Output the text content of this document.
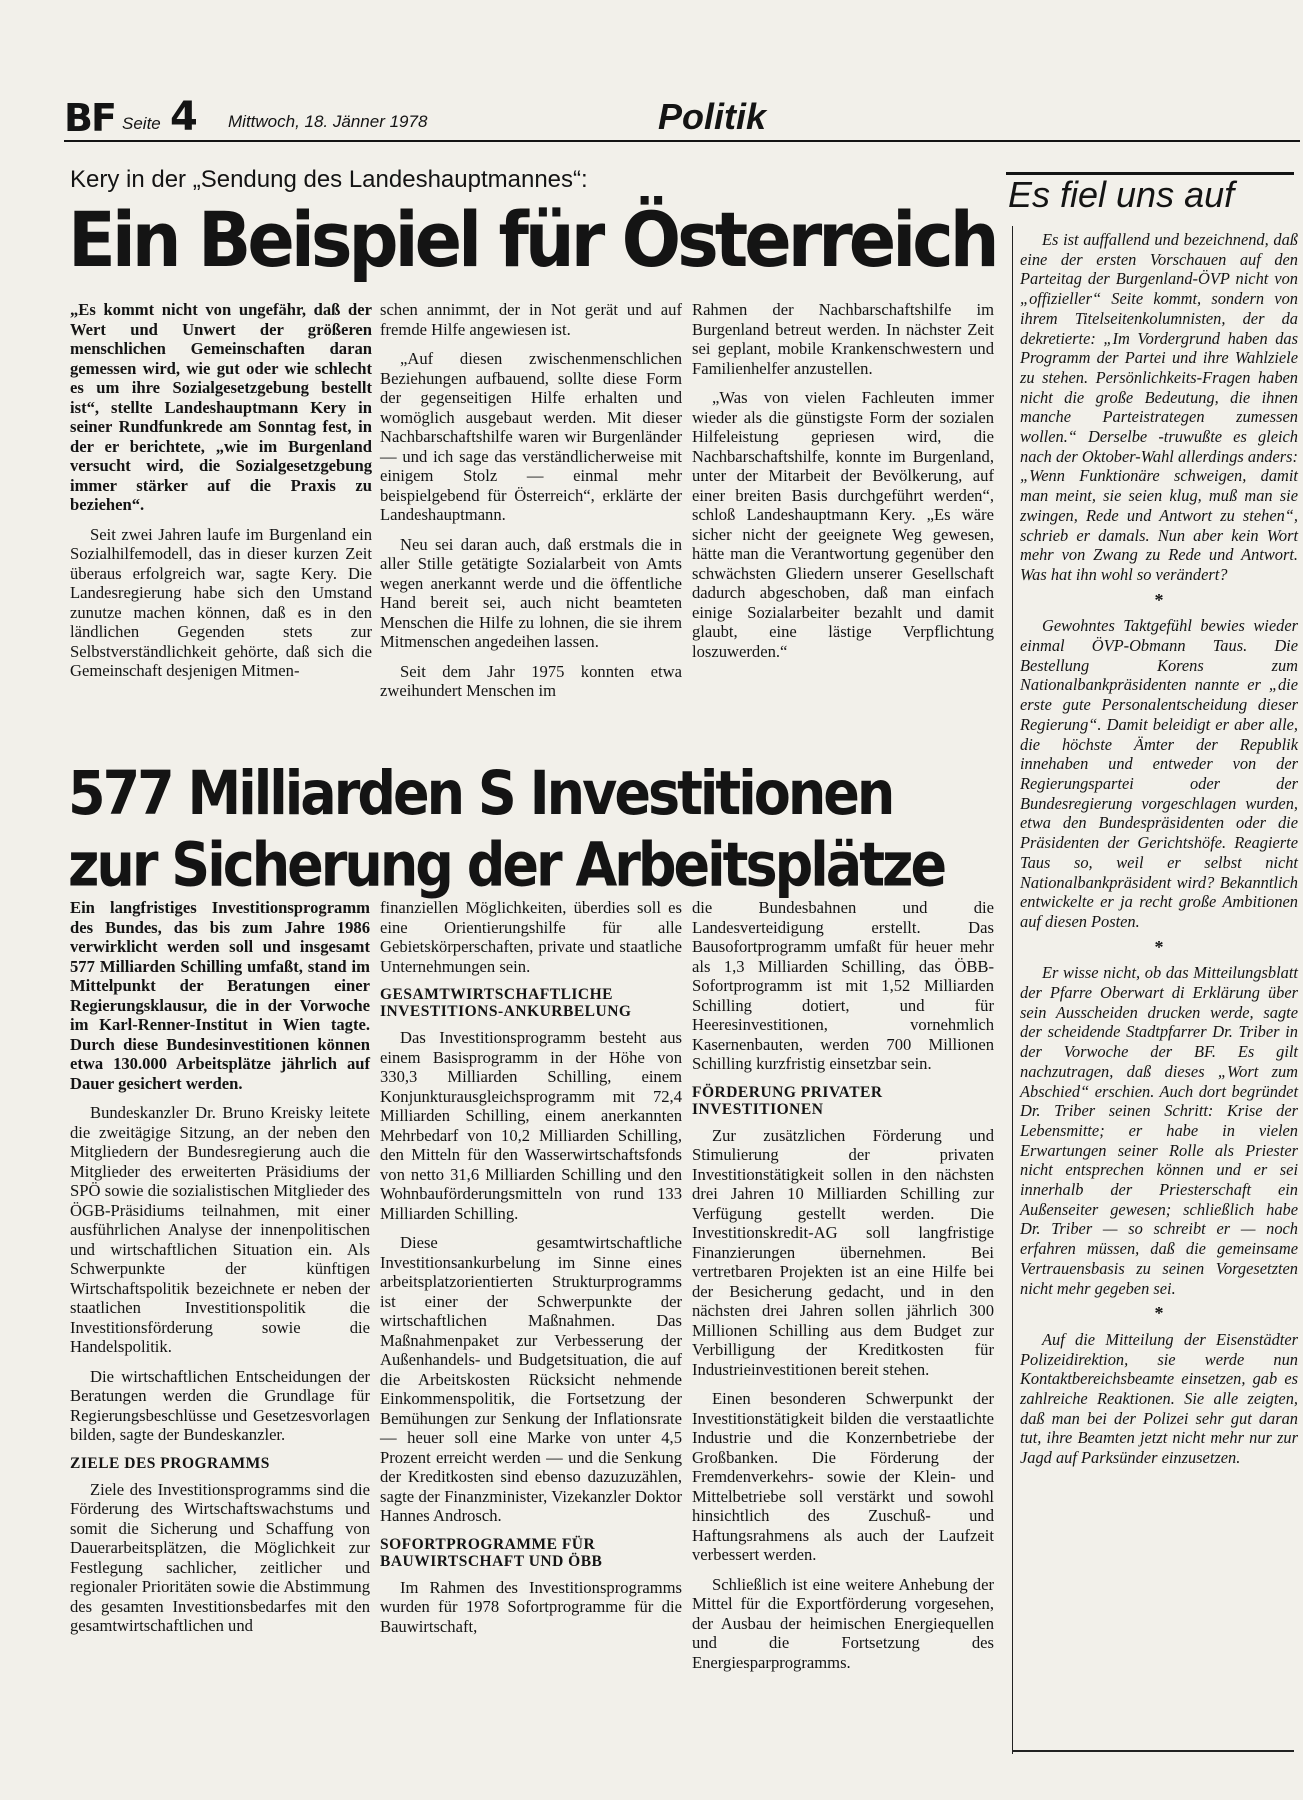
BF Seite 4 Mittwoch, 18. Jänner 1978	Politik
Kery in der „Sendung des Landeshauptmannes“:
Ein Beispiel für Österreich

„Es kommt nicht von ungefähr, daß der Wert und Unwert der größeren menschlichen Gemeinschaften daran gemessen wird, wie gut oder wie schlecht es um ihre Sozialgesetzgebung bestellt ist“, stellte Landeshauptmann Kery in seiner Rundfunkrede am Sonntag fest, in der er berichtete, „wie im Burgenland versucht wird, die Sozialgesetzgebung immer stärker auf die Praxis zu beziehen“.

Seit zwei Jahren laufe im Burgenland ein Sozialhilfemodell, das in dieser kurzen Zeit überaus erfolgreich war, sagte Kery. Die Landesregierung habe sich den Umstand zunutze machen können, daß es in den ländlichen Gegenden stets zur Selbstverständlichkeit gehörte, daß sich die Gemeinschaft desjenigen Mitmen-

schen annimmt, der in Not gerät und auf fremde Hilfe angewiesen ist.

„Auf diesen zwischenmenschlichen Beziehungen aufbauend, sollte diese Form der gegenseitigen Hilfe erhalten und womöglich ausgebaut werden. Mit dieser Nachbarschaftshilfe waren wir Burgenländer — und ich sage das verständlicherweise mit einigem Stolz — einmal mehr beispielgebend für Österreich“, erklärte der Landeshauptmann.

Neu sei daran auch, daß erstmals die in aller Stille getätigte Sozialarbeit von Amts wegen anerkannt werde und die öffentliche Hand bereit sei, auch nicht beamteten Menschen die Hilfe zu lohnen, die sie ihrem Mitmenschen angedeihen lassen.

Seit dem Jahr 1975 konnten etwa zweihundert Menschen im

Rahmen der Nachbarschaftshilfe im Burgenland betreut werden. In nächster Zeit sei geplant, mobile Krankenschwestern und Familienhelfer anzustellen.

„Was von vielen Fachleuten immer wieder als die günstigste Form der sozialen Hilfeleistung gepriesen wird, die Nachbarschaftshilfe, konnte im Burgenland, unter der Mitarbeit der Bevölkerung, auf einer breiten Basis durchgeführt werden“, schloß Landeshauptmann Kery. „Es wäre sicher nicht der geeignete Weg gewesen, hätte man die Verantwortung gegenüber den schwächsten Gliedern unserer Gesellschaft dadurch abgeschoben, daß man einfach einige Sozialarbeiter bezahlt und damit glaubt, eine lästige Verpflichtung loszuwerden.“

577 Milliarden S Investitionen
zur Sicherung der Arbeitsplätze

Ein langfristiges Investitionsprogramm des Bundes, das bis zum Jahre 1986 verwirklicht werden soll und insgesamt 577 Milliarden Schilling umfaßt, stand im Mittelpunkt der Beratungen einer Regierungsklausur, die in der Vorwoche im Karl-Renner-Institut in Wien tagte. Durch diese Bundesinvestitionen können etwa 130.000 Arbeitsplätze jährlich auf Dauer gesichert werden.

Bundeskanzler Dr. Bruno Kreisky leitete die zweitägige Sitzung, an der neben den Mitgliedern der Bundesregierung auch die Mitglieder des erweiterten Präsidiums der SPÖ sowie die sozialistischen Mitglieder des ÖGB-Präsidiums teilnahmen, mit einer ausführlichen Analyse der innenpolitischen und wirtschaftlichen Situation ein. Als Schwerpunkte der künftigen Wirtschaftspolitik bezeichnete er neben der staatlichen Investitionspolitik die Investitionsförderung sowie die Handelspolitik.

Die wirtschaftlichen Entscheidungen der Beratungen werden die Grundlage für Regierungsbeschlüsse und Gesetzesvorlagen bilden, sagte der Bundeskanzler.

ZIELE DES PROGRAMMS

Ziele des Investitionsprogramms sind die Förderung des Wirtschaftswachstums und somit die Sicherung und Schaffung von Dauerarbeitsplätzen, die Möglichkeit zur Festlegung sachlicher, zeitlicher und regionaler Prioritäten sowie die Abstimmung des gesamten Investitionsbedarfes mit den gesamtwirtschaftlichen und

finanziellen Möglichkeiten, überdies soll es eine Orientierungshilfe für alle Gebietskörperschaften, private und staatliche Unternehmungen sein.

GESAMTWIRTSCHAFTLICHE INVESTITIONS-ANKURBELUNG

Das Investitionsprogramm besteht aus einem Basisprogramm in der Höhe von 330,3 Milliarden Schilling, einem Konjunkturausgleichsprogramm mit 72,4 Milliarden Schilling, einem anerkannten Mehrbedarf von 10,2 Milliarden Schilling, den Mitteln für den Wasserwirtschaftsfonds von netto 31,6 Milliarden Schilling und den Wohnbauförderungsmitteln von rund 133 Milliarden Schilling.

Diese gesamtwirtschaftliche Investitionsankurbelung im Sinne eines arbeitsplatzorientierten Strukturprogramms ist einer der Schwerpunkte der wirtschaftlichen Maßnahmen. Das Maßnahmenpaket zur Verbesserung der Außenhandels- und Budgetsituation, die auf die Arbeitskosten Rücksicht nehmende Einkommenspolitik, die Fortsetzung der Bemühungen zur Senkung der Inflationsrate — heuer soll eine Marke von unter 4,5 Prozent erreicht werden — und die Senkung der Kreditkosten sind ebenso dazuzuzählen, sagte der Finanzminister, Vizekanzler Doktor Hannes Androsch.

SOFORTPROGRAMME FÜR BAUWIRTSCHAFT UND ÖBB

Im Rahmen des Investitionsprogramms wurden für 1978 Sofortprogramme für die Bauwirtschaft,

die Bundesbahnen und die Landesverteidigung erstellt. Das Bausofortprogramm umfaßt für heuer mehr als 1,3 Milliarden Schilling, das ÖBB-Sofortprogramm ist mit 1,52 Milliarden Schilling dotiert, und für Heeresinvestitionen, vornehmlich Kasernenbauten, werden 700 Millionen Schilling kurzfristig einsetzbar sein.

FÖRDERUNG PRIVATER INVESTITIONEN

Zur zusätzlichen Förderung und Stimulierung der privaten Investitionstätigkeit sollen in den nächsten drei Jahren 10 Milliarden Schilling zur Verfügung gestellt werden. Die Investitionskredit-AG soll langfristige Finanzierungen übernehmen. Bei vertretbaren Projekten ist an eine Hilfe bei der Besicherung gedacht, und in den nächsten drei Jahren sollen jährlich 300 Millionen Schilling aus dem Budget zur Verbilligung der Kreditkosten für Industrieinvestitionen bereit stehen.

Einen besonderen Schwerpunkt der Investitionstätigkeit bilden die verstaatlichte Industrie und die Konzernbetriebe der Großbanken. Die Förderung der Fremdenverkehrs- sowie der Klein- und Mittelbetriebe soll verstärkt und sowohl hinsichtlich des Zuschuß- und Haftungsrahmens als auch der Laufzeit verbessert werden.

Schließlich ist eine weitere Anhebung der Mittel für die Exportförderung vorgesehen, der Ausbau der heimischen Energiequellen und die Fortsetzung des Energiesparprogramms.

Es fiel uns auf

Es ist auffallend und bezeichnend, daß eine der ersten Vorschauen auf den Parteitag der Burgenland-ÖVP nicht von „offizieller“ Seite kommt, sondern von ihrem Titelseitenkolumnisten, der da dekretierte: „Im Vordergrund haben das Programm der Partei und ihre Wahlziele zu stehen. Persönlichkeits-Fragen haben nicht die große Bedeutung, die ihnen manche Parteistrategen zumessen wollen.“ Derselbe -truwußte es gleich nach der Oktober-Wahl allerdings anders: „Wenn Funktionäre schweigen, damit man meint, sie seien klug, muß man sie zwingen, Rede und Antwort zu stehen“, schrieb er damals. Nun aber kein Wort mehr von Zwang zu Rede und Antwort. Was hat ihn wohl so verändert?

*

Gewohntes Taktgefühl bewies wieder einmal ÖVP-Obmann Taus. Die Bestellung Korens zum Nationalbankpräsidenten nannte er „die erste gute Personalentscheidung dieser Regierung“. Damit beleidigt er aber alle, die höchste Ämter der Republik innehaben und entweder von der Regierungspartei oder der Bundesregierung vorgeschlagen wurden, etwa den Bundespräsidenten oder die Präsidenten der Gerichtshöfe. Reagierte Taus so, weil er selbst nicht Nationalbankpräsident wird? Bekanntlich entwickelte er ja recht große Ambitionen auf diesen Posten.

*

Er wisse nicht, ob das Mitteilungsblatt der Pfarre Oberwart di Erklärung über sein Ausscheiden drucken werde, sagte der scheidende Stadtpfarrer Dr. Triber in der Vorwoche der BF. Es gilt nachzutragen, daß dieses „Wort zum Abschied“ erschien. Auch dort begründet Dr. Triber seinen Schritt: Krise der Lebensmitte; er habe in vielen Erwartungen seiner Rolle als Priester nicht entsprechen können und er sei innerhalb der Priesterschaft ein Außenseiter gewesen; schließlich habe Dr. Triber — so schreibt er — noch erfahren müssen, daß die gemeinsame Vertrauensbasis zu seinen Vorgesetzten nicht mehr gegeben sei.

*

Auf die Mitteilung der Eisenstädter Polizeidirektion, sie werde nun Kontaktbereichsbeamte einsetzen, gab es zahlreiche Reaktionen. Sie alle zeigten, daß man bei der Polizei sehr gut daran tut, ihre Beamten jetzt nicht mehr nur zur Jagd auf Parksünder einzusetzen.
